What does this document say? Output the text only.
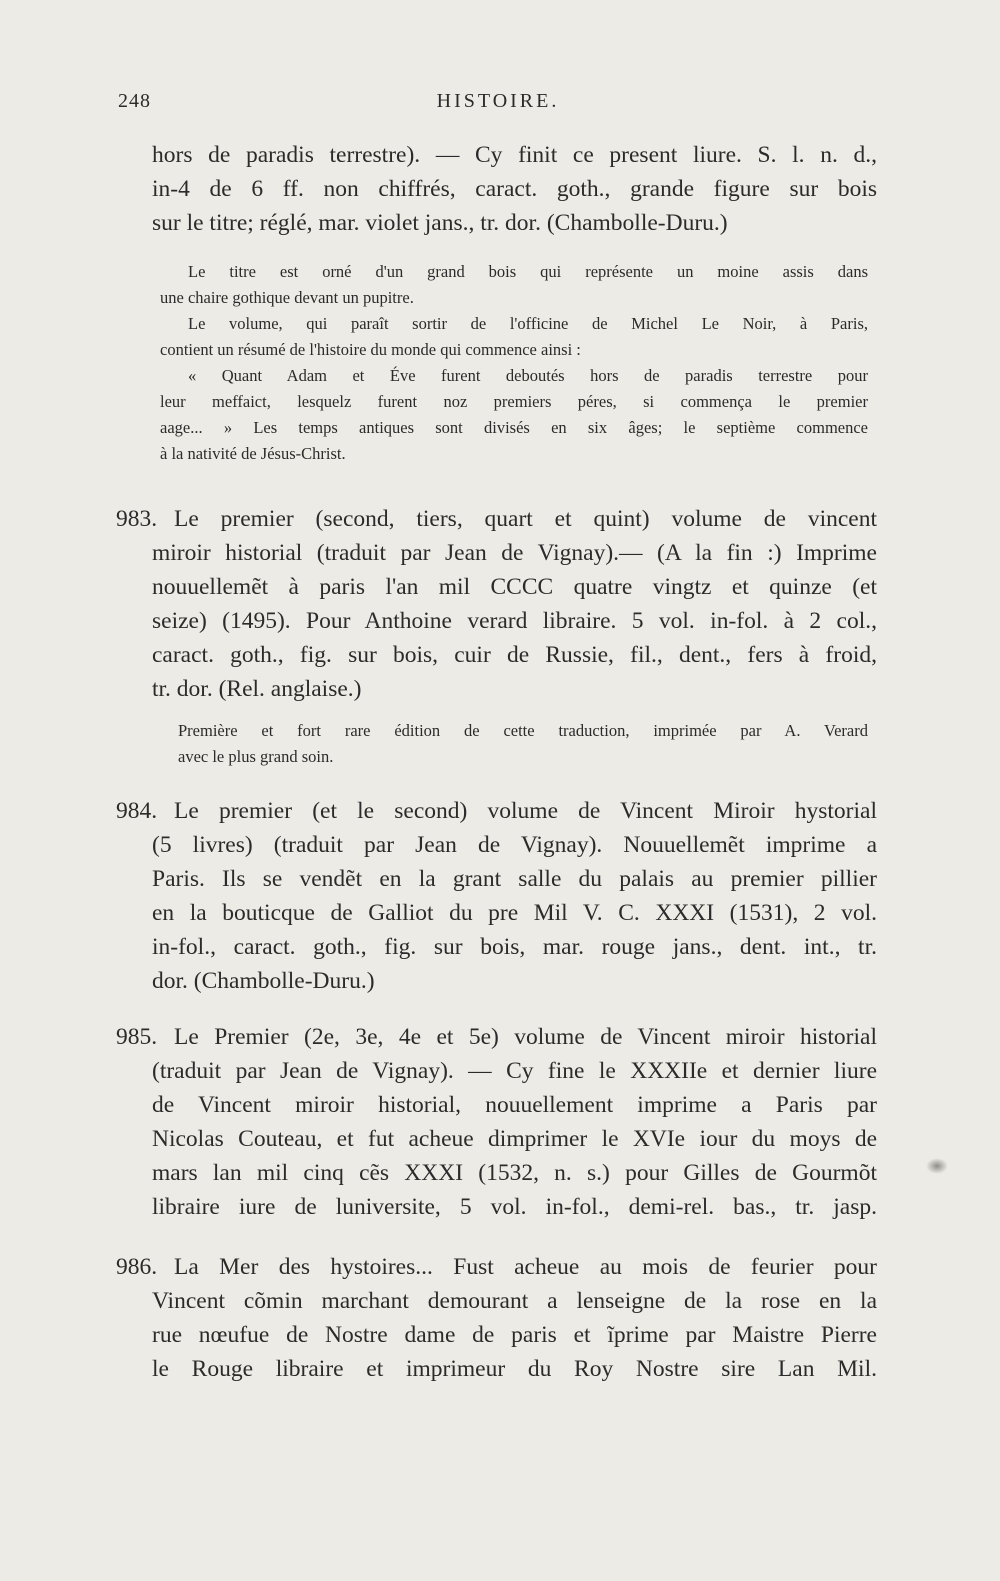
248	HISTOIRE.
hors de paradis terrestre). — Cy finit ce present liure. S. l. n. d.,
in-4 de 6 ff. non chiffrés, caract. goth., grande figure sur bois
sur le titre; réglé, mar. violet jans., tr. dor. (Chambolle-Duru.)
Le titre est orné d'un grand bois qui représente un moine assis dans
une chaire gothique devant un pupitre.
Le volume, qui paraît sortir de l'officine de Michel Le Noir, à Paris,
contient un résumé de l'histoire du monde qui commence ainsi :
« Quant Adam et Éve furent deboutés hors de paradis terrestre pour
leur meffaict, lesquelz furent noz premiers péres, si commença le premier
aage... » Les temps antiques sont divisés en six âges; le septième commence
à la nativité de Jésus-Christ.
983. Le premier (second, tiers, quart et quint) volume de vincent
miroir historial (traduit par Jean de Vignay).— (A la fin :) Imprime
nouuellemẽt à paris l'an mil CCCC quatre vingtz et quinze (et
seize) (1495). Pour Anthoine verard libraire. 5 vol. in-fol. à 2 col.,
caract. goth., fig. sur bois, cuir de Russie, fil., dent., fers à froid,
tr. dor. (Rel. anglaise.)
Première et fort rare édition de cette traduction, imprimée par A. Verard
avec le plus grand soin.
984. Le premier (et le second) volume de Vincent Miroir hystorial
(5 livres) (traduit par Jean de Vignay). Nouuellemẽt imprime a
Paris. Ils se vendẽt en la grant salle du palais au premier pillier
en la bouticque de Galliot du pre Mil V. C. XXXI (1531), 2 vol.
in-fol., caract. goth., fig. sur bois, mar. rouge jans., dent. int., tr.
dor. (Chambolle-Duru.)
985. Le Premier (2e, 3e, 4e et 5e) volume de Vincent miroir historial
(traduit par Jean de Vignay). — Cy fine le XXXIIe et dernier liure
de Vincent miroir historial, nouuellement imprime a Paris par
Nicolas Couteau, et fut acheue dimprimer le XVIe iour du moys de
mars lan mil cinq cẽs XXXI (1532, n. s.) pour Gilles de Gourmõt
libraire iure de luniversite, 5 vol. in-fol., demi-rel. bas., tr. jasp.
986. La Mer des hystoires... Fust acheue au mois de feurier pour
Vincent cõmin marchant demourant a lenseigne de la rose en la
rue nœufue de Nostre dame de paris et ĩprime par Maistre Pierre
le Rouge libraire et imprimeur du Roy Nostre sire Lan Mil.
